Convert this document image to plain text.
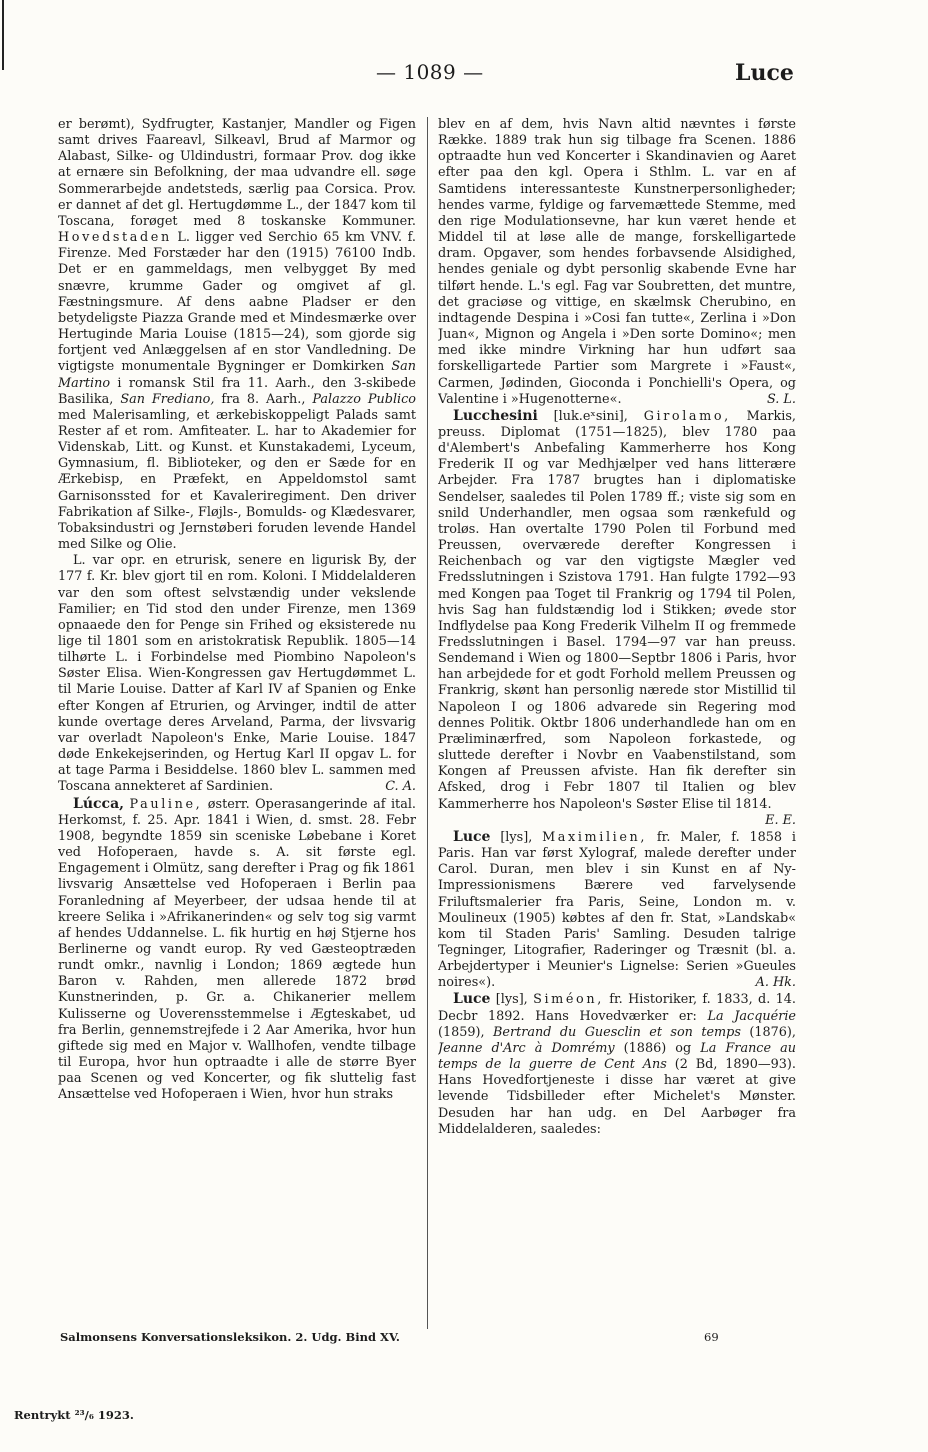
— 1089 —	Luce

er berømt), Sydfrugter, Kastanjer, Mandler og Figen samt drives Faareavl, Silkeavl, Brud af Marmor og Alabast, Silke- og Uldindustri, formaar Prov. dog ikke at ernære sin Befolkning, der maa udvandre ell. søge Sommerarbejde andetsteds, særlig paa Corsica. Prov. er dannet af det gl. Hertugdømme L., der 1847 kom til Toscana, forøget med 8 toskanske Kommuner. Hovedstaden L. ligger ved Serchio 65 km VNV. f. Firenze. Med Forstæder har den (1915) 76100 Indb. Det er en gammeldags, men velbygget By med snævre, krumme Gader og omgivet af gl. Fæstningsmure. Af dens aabne Pladser er den betydeligste Piazza Grande med et Mindesmærke over Hertuginde Maria Louise (1815—24), som gjorde sig fortjent ved Anlæggelsen af en stor Vandledning. De vigtigste monumentale Bygninger er Domkirken San Martino i romansk Stil fra 11. Aarh., den 3-skibede Basilika, San Frediano, fra 8. Aarh., Palazzo Publico med Malerisamling, et ærkebiskoppeligt Palads samt Rester af et rom. Amfiteater. L. har to Akademier for Videnskab, Litt. og Kunst. et Kunstakademi, Lyceum, Gymnasium, fl. Biblioteker, og den er Sæde for en Ærkebisp, en Præfekt, en Appeldomstol samt Garnisonssted for et Kavaleriregiment. Den driver Fabrikation af Silke-, Fløjls-, Bomulds- og Klædesvarer, Tobaksindustri og Jernstøberi foruden levende Handel med Silke og Olie.

L. var opr. en etrurisk, senere en ligurisk By, der 177 f. Kr. blev gjort til en rom. Koloni. I Middelalderen var den som oftest selvstændig under vekslende Familier; en Tid stod den under Firenze, men 1369 opnaaede den for Penge sin Frihed og eksisterede nu lige til 1801 som en aristokratisk Republik. 1805—14 tilhørte L. i Forbindelse med Piombino Napoleon's Søster Elisa. Wien-Kongressen gav Hertugdømmet L. til Marie Louise. Datter af Karl IV af Spanien og Enke efter Kongen af Etrurien, og Arvinger, indtil de atter kunde overtage deres Arveland, Parma, der livsvarig var overladt Napoleon's Enke, Marie Louise. 1847 døde Enkekejserinden, og Hertug Karl II opgav L. for at tage Parma i Besiddelse. 1860 blev L. sammen med Toscana annekteret af Sardinien.	C. A.

Lúcca, Pauline, østerr. Operasangerinde af ital. Herkomst, f. 25. Apr. 1841 i Wien, d. smst. 28. Febr 1908, begyndte 1859 sin sceniske Løbebane i Koret ved Hofoperaen, havde s. A. sit første egl. Engagement i Olmütz, sang derefter i Prag og fik 1861 livsvarig Ansættelse ved Hofoperaen i Berlin paa Foranledning af Meyerbeer, der udsaa hende til at kreere Selika i »Afrikanerinden« og selv tog sig varmt af hendes Uddannelse. L. fik hurtig en høj Stjerne hos Berlinerne og vandt europ. Ry ved Gæsteoptræden rundt omkr., navnlig i London; 1869 ægtede hun Baron v. Rahden, men allerede 1872 brød Kunstnerinden, p. Gr. a. Chikanerier mellem Kulisserne og Uoverensstemmelse i Ægteskabet, ud fra Berlin, gennemstrejfede i 2 Aar Amerika, hvor hun giftede sig med en Major v. Wallhofen, vendte tilbage til Europa, hvor hun optraadte i alle de større Byer paa Scenen og ved Koncerter, og fik sluttelig fast Ansættelse ved Hofoperaen i Wien, hvor hun straks

blev en af dem, hvis Navn altid nævntes i første Række. 1889 trak hun sig tilbage fra Scenen. 1886 optraadte hun ved Koncerter i Skandinavien og Aaret efter paa den kgl. Opera i Sthlm. L. var en af Samtidens interessanteste Kunstnerpersonligheder; hendes varme, fyldige og farvemættede Stemme, med den rige Modulationsevne, har kun været hende et Middel til at løse alle de mange, forskelligartede dram. Opgaver, som hendes forbavsende Alsidighed, hendes geniale og dybt personlig skabende Evne har tilført hende. L.'s egl. Fag var Soubretten, det muntre, det graciøse og vittige, en skælmsk Cherubino, en indtagende Despina i »Cosi fan tutte«, Zerlina i »Don Juan«, Mignon og Angela i »Den sorte Domino«; men med ikke mindre Virkning har hun udført saa forskelligartede Partier som Margrete i »Faust«, Carmen, Jødinden, Gioconda i Ponchielli's Opera, og Valentine i »Hugenotterne«.	S. L.

Lucchesini [luk.eˣsini], Girolamo, Markis, preuss. Diplomat (1751—1825), blev 1780 paa d'Alembert's Anbefaling Kammerherre hos Kong Frederik II og var Medhjælper ved hans litterære Arbejder. Fra 1787 brugtes han i diplomatiske Sendelser, saaledes til Polen 1789 ff.; viste sig som en snild Underhandler, men ogsaa som rænkefuld og troløs. Han overtalte 1790 Polen til Forbund med Preussen, overværede derefter Kongressen i Reichenbach og var den vigtigste Mægler ved Fredsslutningen i Szistova 1791. Han fulgte 1792—93 med Kongen paa Toget til Frankrig og 1794 til Polen, hvis Sag han fuldstændig lod i Stikken; øvede stor Indflydelse paa Kong Frederik Vilhelm II og fremmede Fredsslutningen i Basel. 1794—97 var han preuss. Sendemand i Wien og 1800—Septbr 1806 i Paris, hvor han arbejdede for et godt Forhold mellem Preussen og Frankrig, skønt han personlig nærede stor Mistillid til Napoleon I og 1806 advarede sin Regering mod dennes Politik. Oktbr 1806 underhandlede han om en Præliminærfred, som Napoleon forkastede, og sluttede derefter i Novbr en Vaabenstilstand, som Kongen af Preussen afviste. Han fik derefter sin Afsked, drog i Febr 1807 til Italien og blev Kammerherre hos Napoleon's Søster Elise til 1814.
E. E.

Luce [lys], Maximilien, fr. Maler, f. 1858 i Paris. Han var først Xylograf, malede derefter under Carol. Duran, men blev i sin Kunst en af Ny-Impressionismens Bærere ved farvelysende Friluftsmalerier fra Paris, Seine, London m. v. Moulineux (1905) købtes af den fr. Stat, »Landskab« kom til Staden Paris' Samling. Desuden talrige Tegninger, Litografier, Raderinger og Træsnit (bl. a. Arbejdertyper i Meunier's Lignelse: Serien »Gueules noires«).	A. Hk.

Luce [lys], Siméon, fr. Historiker, f. 1833, d. 14. Decbr 1892. Hans Hovedværker er: La Jacquérie (1859), Bertrand du Guesclin et son temps (1876), Jeanne d'Arc à Domrémy (1886) og La France au temps de la guerre de Cent Ans (2 Bd, 1890—93). Hans Hovedfortjeneste i disse har været at give levende Tidsbilleder efter Michelet's Mønster. Desuden har han udg. en Del Aarbøger fra Middelalderen, saaledes:

Salmonsens Konversationsleksikon. 2. Udg. Bind XV.	69
Rentrykt ²³/₆ 1923.
